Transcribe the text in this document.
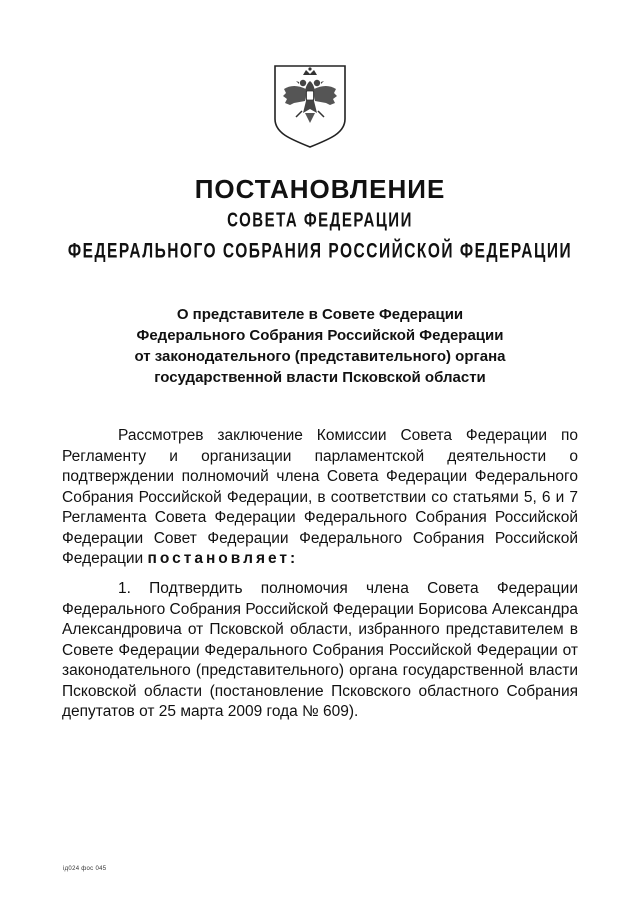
ПОСТАНОВЛЕНИЕ
СОВЕТА ФЕДЕРАЦИИ
ФЕДЕРАЛЬНОГО СОБРАНИЯ РОССИЙСКОЙ ФЕДЕРАЦИИ
О представителе в Совете Федерации
Федерального Собрания Российской Федерации
от законодательного (представительного) органа
государственной власти Псковской области
Рассмотрев заключение Комиссии Совета Федерации по Регламенту и организации парламентской деятельности о подтверждении полномочий члена Совета Федерации Федерального Собрания Российской Федерации, в соответствии со статьями 5, 6 и 7 Регламента Совета Федерации Федерального Собрания Российской Федерации Совет Федерации Федерального Собрания Российской Федерации постановляет:
1. Подтвердить полномочия члена Совета Федерации Федерального Собрания Российской Федерации Борисова Александра Александровича от Псковской области, избранного представителем в Совете Федерации Федерального Собрания Российской Федерации от законодательного (представительного) органа государственной власти Псковской области (постановление Псковского областного Собрания депутатов от 25 марта 2009 года № 609).
ід024 фос 045
